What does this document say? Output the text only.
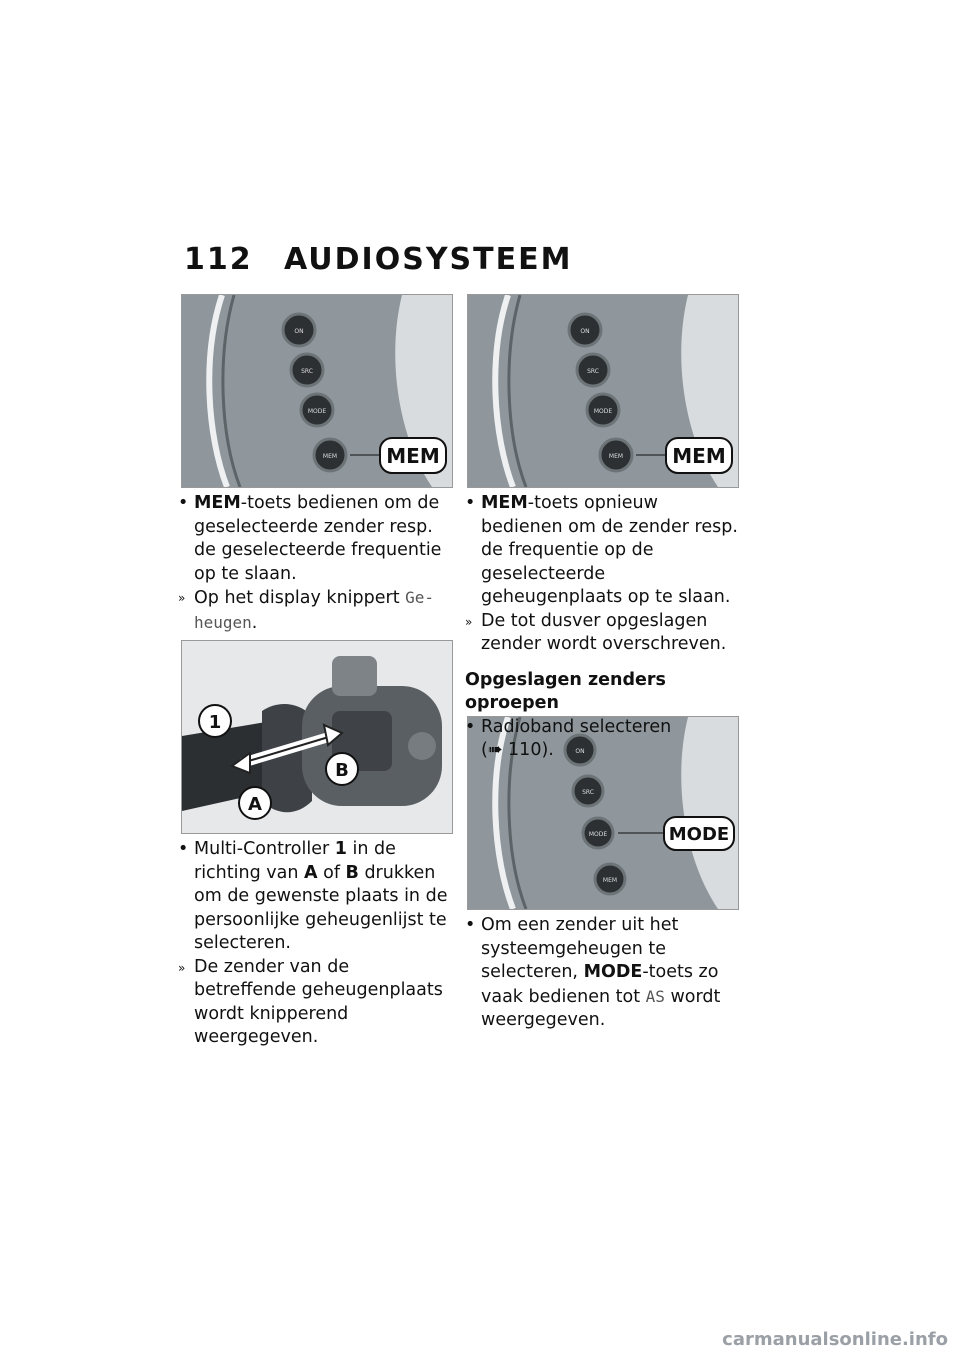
112 AUDIOSYSTEEM
ON
SRC
MODE
MEM MEM
ON
SRC
MODE
MEM MEM
1
A
B
ON
SRC
MODE
MEM
MODE
• MEM-toets bedienen om de geselecteerde zender resp. de geselecteerde frequentie op te slaan.
» Op het display knippert Geheugen.
• Multi-Controller 1 in de richting van A of B drukken om de gewenste plaats in de persoonlijke geheugenlijst te selecteren.
» De zender van de betreffende geheugenplaats wordt knipperend weergegeven.
• MEM-toets opnieuw bedienen om de zender resp. de frequentie op de geselecteerde geheugenplaats op te slaan.
» De tot dusver opgeslagen zender wordt overschreven.
Opgeslagen zenders oproepen
• Radioband selecteren
(➠ 110).
• Om een zender uit het systeemgeheugen te selecteren, MODE-toets zo vaak bedienen tot AS wordt weergegeven.
carmanualsonline.info
